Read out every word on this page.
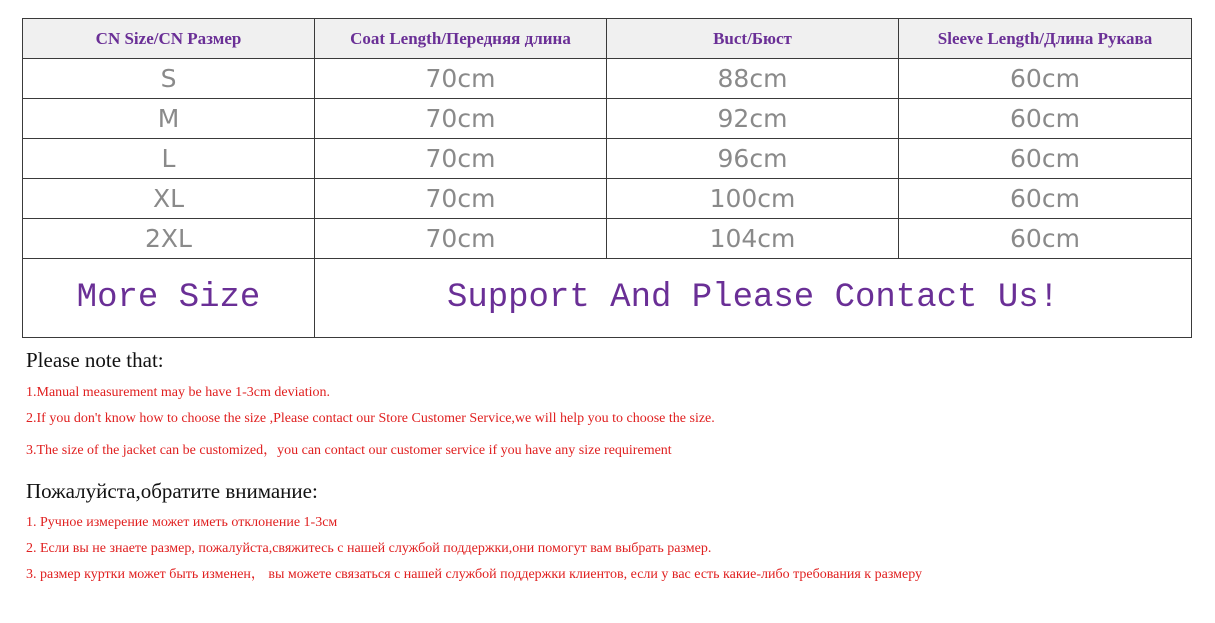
CN Size/CN Размер	Coat Length/Передняя длина	Buct/Бюст	Sleeve Length/Длина Рукава
S	70cm	88cm	60cm
M	70cm	92cm	60cm
L	70cm	96cm	60cm
XL	70cm	100cm	60cm
2XL	70cm	104cm	60cm
More Size	Support And Please Contact Us!		
Please note that:
1.Manual measurement may be have 1-3cm deviation.
2.If you don't know how to choose the size ,Please contact our Store Customer Service,we will help you to choose the size.
3.The size of the jacket can be customized，you can contact our customer service if you have any size requirement
Пожалуйста,обратите внимание:
1. Ручное измерение может иметь отклонение 1-3см
2. Если вы не знаете размер, пожалуйста,свяжитесь с нашей службой поддержки,они помогут вам выбрать размер.
3. размер куртки может быть изменен， вы можете связаться с нашей службой поддержки клиентов, если у вас есть какие-либо требования к размеру
